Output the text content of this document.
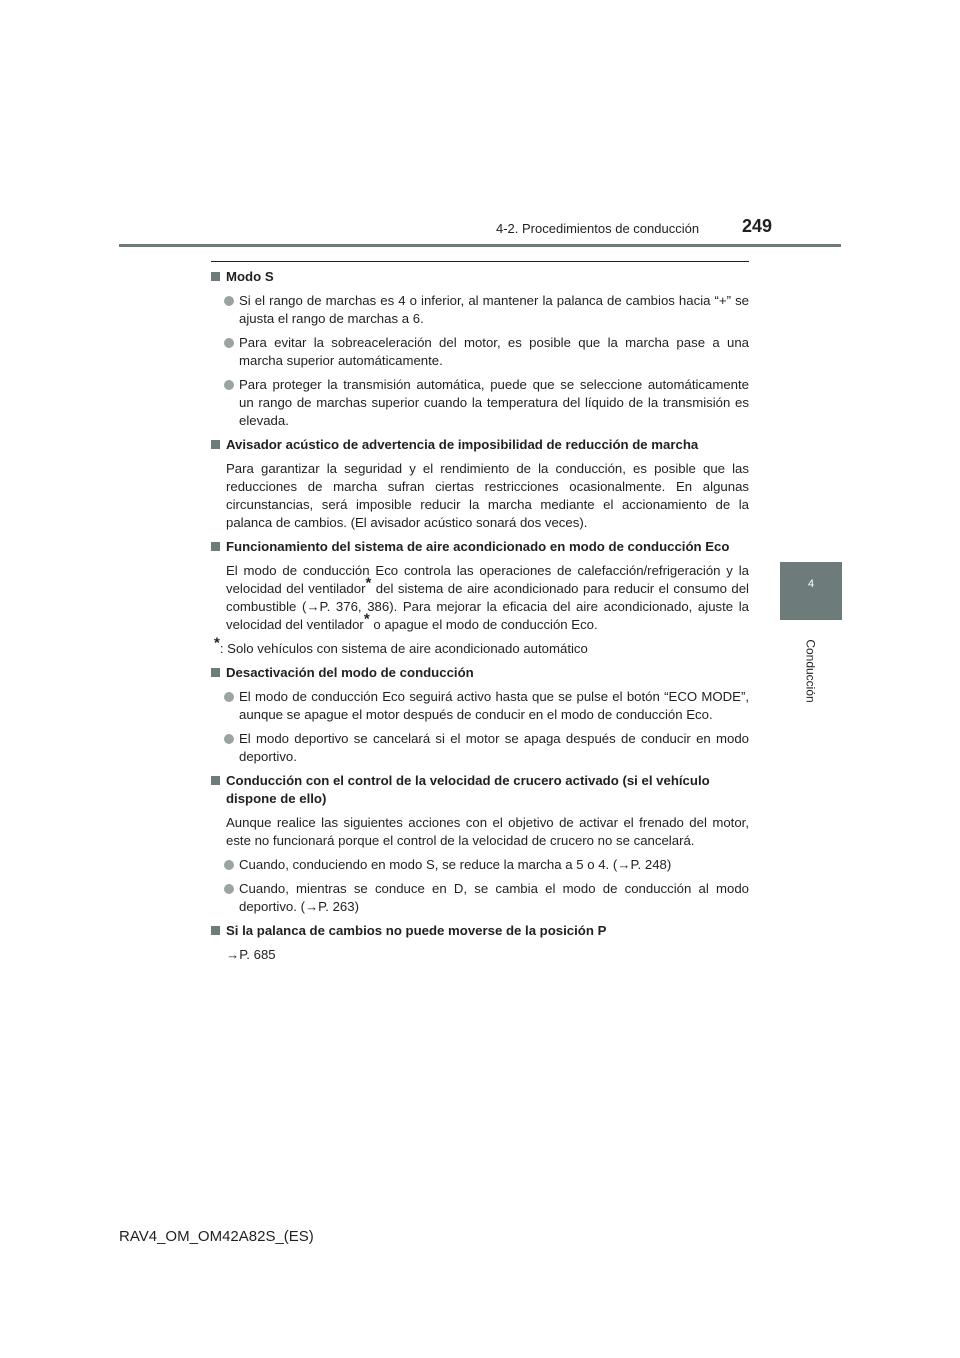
4-2. Procedimientos de conducción 249
4
Conducción
Modo S
Si el rango de marchas es 4 o inferior, al mantener la palanca de cambios hacia “+” se ajusta el rango de marchas a 6.
Para evitar la sobreaceleración del motor, es posible que la marcha pase a una marcha superior automáticamente.
Para proteger la transmisión automática, puede que se seleccione automáticamente un rango de marchas superior cuando la temperatura del líquido de la transmisión es elevada.
Avisador acústico de advertencia de imposibilidad de reducción de marcha
Para garantizar la seguridad y el rendimiento de la conducción, es posible que las reducciones de marcha sufran ciertas restricciones ocasionalmente. En algunas circunstancias, será imposible reducir la marcha mediante el accionamiento de la palanca de cambios. (El avisador acústico sonará dos veces).
Funcionamiento del sistema de aire acondicionado en modo de conducción Eco
El modo de conducción Eco controla las operaciones de calefacción/refrigeración y la velocidad del ventilador* del sistema de aire acondicionado para reducir el consumo del combustible (→P. 376, 386). Para mejorar la eficacia del aire acondicionado, ajuste la velocidad del ventilador* o apague el modo de conducción Eco.
*: Solo vehículos con sistema de aire acondicionado automático
Desactivación del modo de conducción
El modo de conducción Eco seguirá activo hasta que se pulse el botón “ECO MODE”, aunque se apague el motor después de conducir en el modo de conducción Eco.
El modo deportivo se cancelará si el motor se apaga después de conducir en modo deportivo.
Conducción con el control de la velocidad de crucero activado (si el vehículo dispone de ello)
Aunque realice las siguientes acciones con el objetivo de activar el frenado del motor, este no funcionará porque el control de la velocidad de crucero no se cancelará.
Cuando, conduciendo en modo S, se reduce la marcha a 5 o 4. (→P. 248)
Cuando, mientras se conduce en D, se cambia el modo de conducción al modo deportivo. (→P. 263)
Si la palanca de cambios no puede moverse de la posición P
→P. 685
RAV4_OM_OM42A82S_(ES)
